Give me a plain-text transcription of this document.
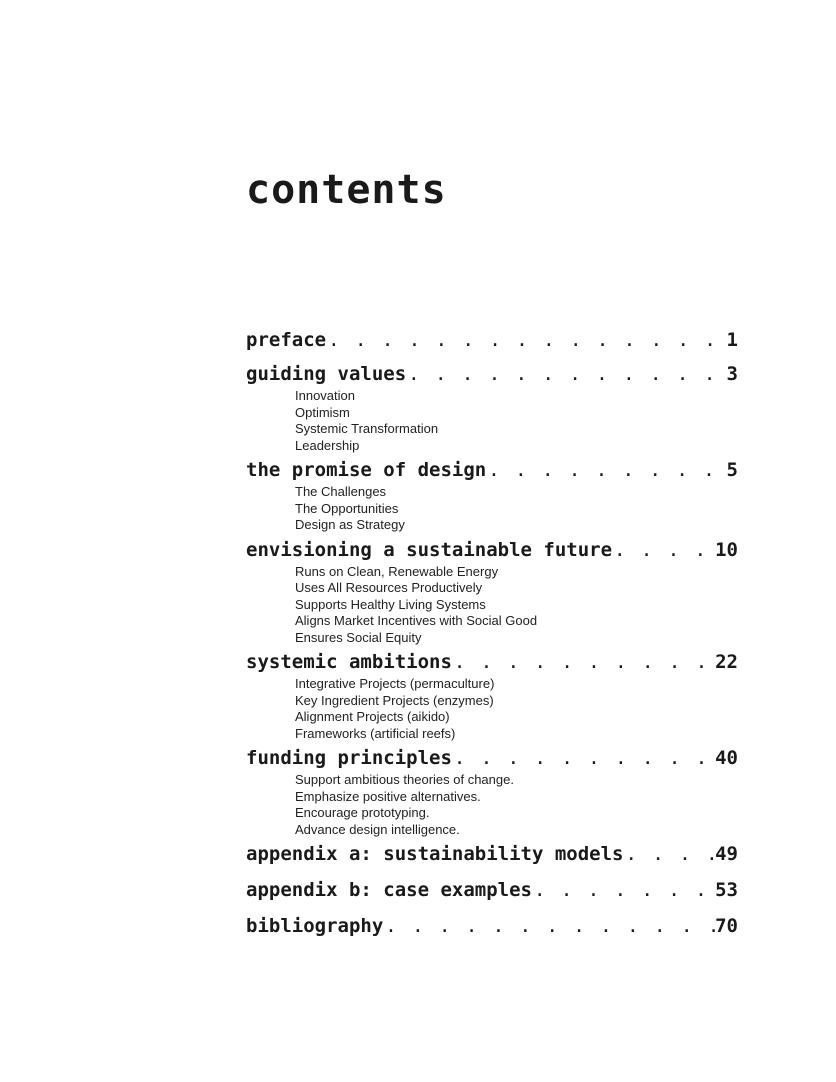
contents
preface . . .	1
guiding values . . .	3
Innovation
Optimism
Systemic Transformation
Leadership
the promise of design . . .	5
The Challenges
The Opportunities
Design as Strategy
envisioning a sustainable future . . .	10
Runs on Clean, Renewable Energy
Uses All Resources Productively
Supports Healthy Living Systems
Aligns Market Incentives with Social Good
Ensures Social Equity
systemic ambitions . . .	22
Integrative Projects (permaculture)
Key Ingredient Projects (enzymes)
Alignment Projects (aikido)
Frameworks (artificial reefs)
funding principles . . .	40
Support ambitious theories of change.
Emphasize positive alternatives.
Encourage prototyping.
Advance design intelligence.
appendix a: sustainability models . . .	49
appendix b: case examples . . .	53
bibliography . . .	70
